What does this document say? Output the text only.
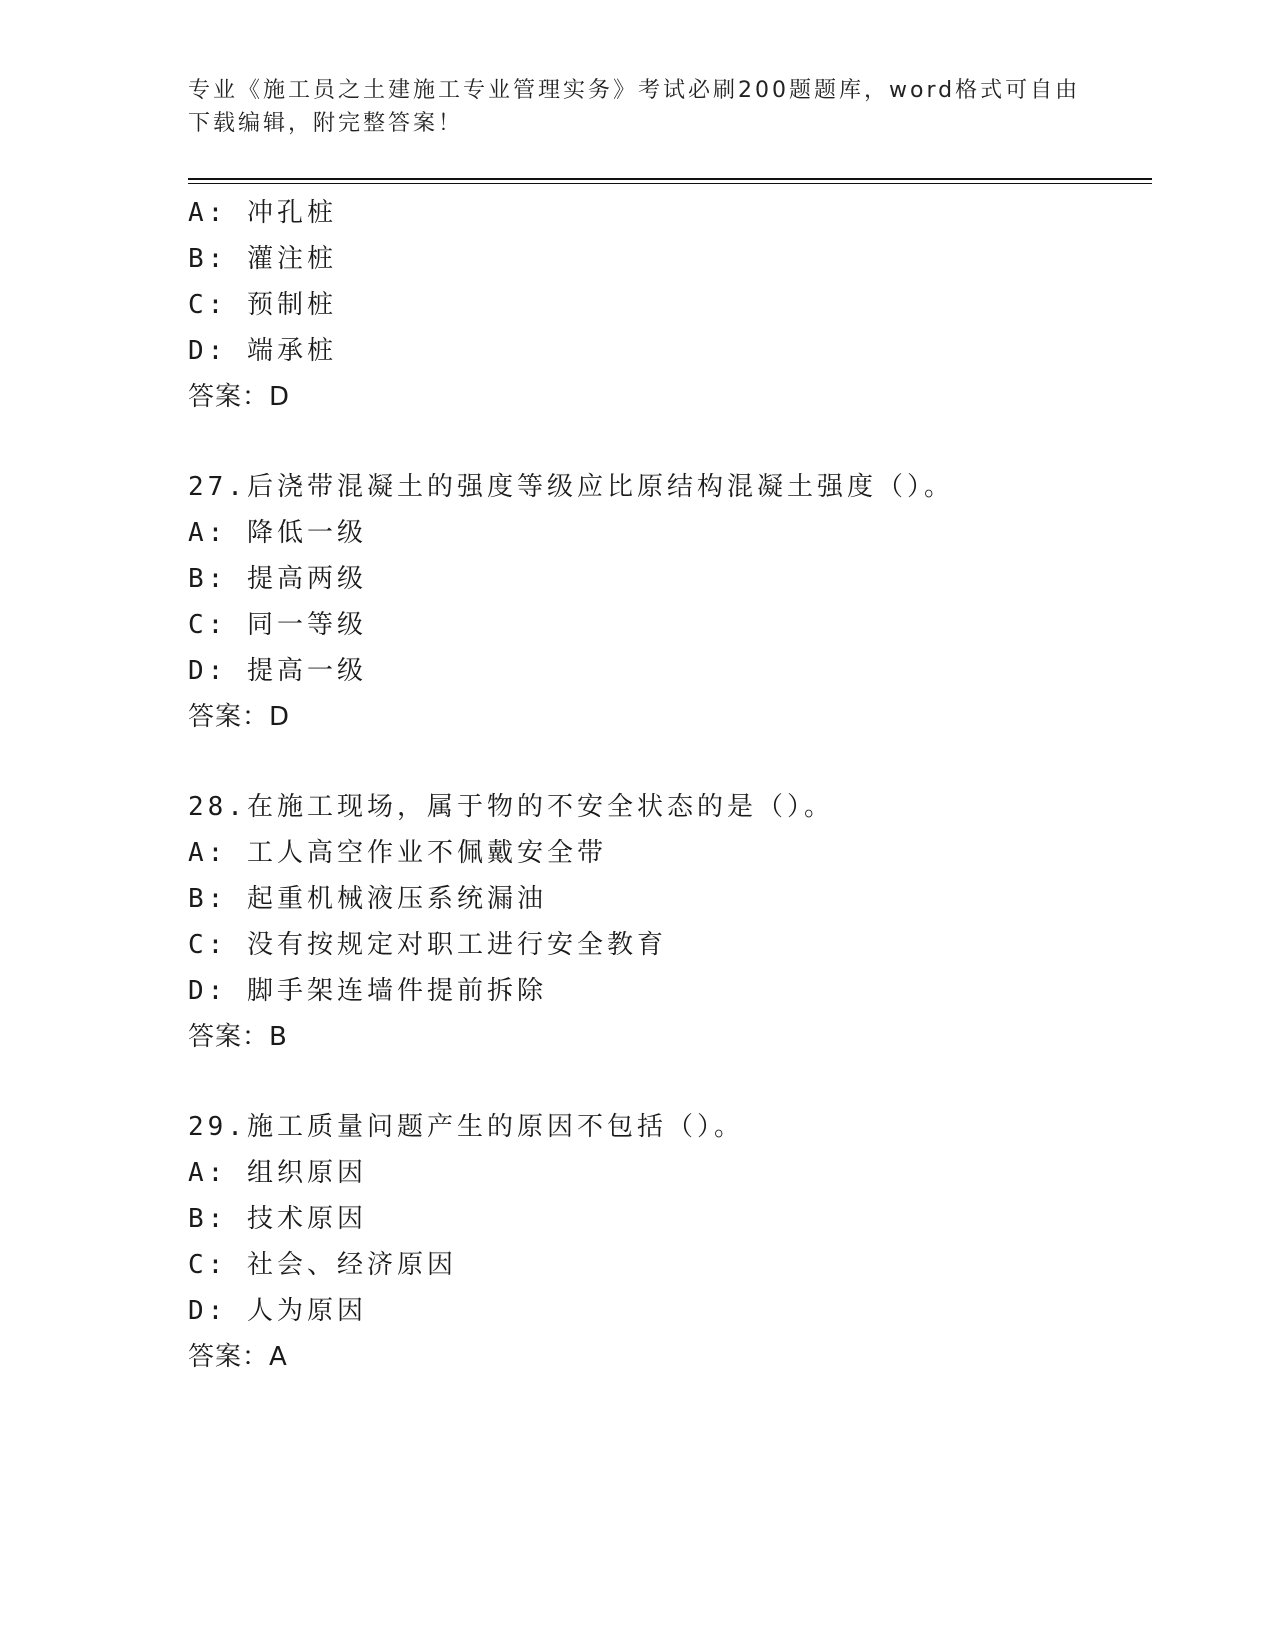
专业《施工员之土建施工专业管理实务》考试必刷200题题库，word格式可自由下载编辑，附完整答案！
A: 冲孔桩
B: 灌注桩
C: 预制桩
D: 端承桩
答案：D
27.后浇带混凝土的强度等级应比原结构混凝土强度（）。
A: 降低一级
B: 提高两级
C: 同一等级
D: 提高一级
答案：D
28.在施工现场，属于物的不安全状态的是（）。
A: 工人高空作业不佩戴安全带
B: 起重机械液压系统漏油
C: 没有按规定对职工进行安全教育
D: 脚手架连墙件提前拆除
答案：B
29.施工质量问题产生的原因不包括（）。
A: 组织原因
B: 技术原因
C: 社会、经济原因
D: 人为原因
答案：A
